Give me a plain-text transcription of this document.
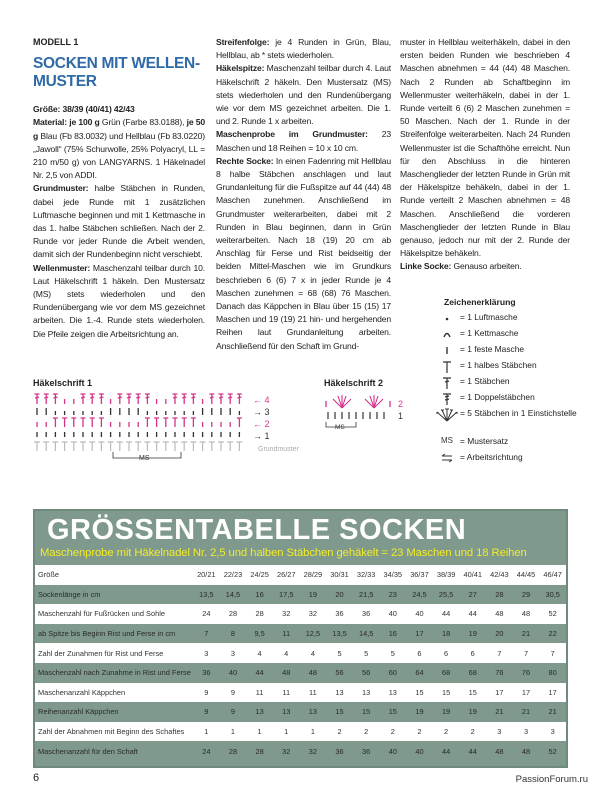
MODELL 1
SOCKEN MIT WELLEN-MUSTER

Größe: 38/39 (40/41) 42/43

Material: je 100 g Grün (Farbe 83.0188), je 50 g Blau (Fb 83.0032) und Hellblau (Fb 83.0220) „Jawoll“ (75% Schurwolle, 25% Polyacryl, LL = 210 m/50 g) von LANGYARNS. 1 Häkelnadel Nr. 2,5 von ADDI.

Grundmuster: halbe Stäbchen in Runden, dabei jede Runde mit 1 zusätzlichen Luftmasche beginnen und mit 1 Kettmasche in das 1. halbe Stäbchen schließen. Nach der 2. Runde vor jeder Runde die Arbeit wenden, damit sich der Rundenbeginn nicht verschiebt.

Wellenmuster: Maschenzahl teilbar durch 10. Laut Häkelschrift 1 häkeln. Den Mustersatz (MS) stets wiederholen und den Rundenübergang wie vor dem MS gezeichnet arbeiten. Die 1.-4. Runde stets wiederholen. Die Pfeile zeigen die Arbeitsrichtung an.

Streifenfolge: je 4 Runden in Grün, Blau, Hellblau, ab * stets wiederholen.

Häkelspitze: Maschenzahl teilbar durch 4. Laut Häkelschrift 2 häkeln. Den Mustersatz (MS) stets wiederholen und den Rundenübergang wie vor dem MS gezeichnet arbeiten. Die 1. und 2. Runde 1 x arbeiten.

Maschenprobe im Grundmuster: 23 Maschen und 18 Reihen = 10 x 10 cm.

Rechte Socke: In einen Fadenring mit Hellblau 8 halbe Stäbchen anschlagen und laut Grundanleitung für die Fußspitze auf 44 (44) 48 Maschen zunehmen. Anschließend im Grundmuster weiterarbeiten, dabei mit 2 Runden in Blau beginnen, dann in Grün weiterarbeiten. Nach 18 (19) 20 cm ab Anschlag für Ferse und Rist beidseitig der beiden Mittel-Maschen wie im Grundkurs beschrieben 6 (6) 7 x in jeder Runde je 4 Maschen zunehmen = 68 (68) 76 Maschen. Danach das Käppchen in Blau über 15 (15) 17 Maschen und 19 (19) 21 hin- und hergehenden Reihen laut Grundanleitung arbeiten. Anschließend für den Schaft im Grund-

muster in Hellblau weiterhäkeln, dabei in den ersten beiden Runden wie beschrieben 4 Maschen abnehmen = 44 (44) 48 Maschen. Nach 2 Runden ab Schaftbeginn im Wellenmuster weiterhäkeln, dabei in der 1. Runde verteilt 6 (6) 2 Maschen zunehmen = 50 Maschen. Nach der 1. Runde in der Streifenfolge weiterarbeiten. Nach 24 Runden Wellenmuster ist die Schafthöhe erreicht. Nun für den Abschluss in die hinteren Maschenglieder der letzten Runde in Grün mit der Häkelspitze behäkeln, dabei in der 1. Runde verteilt 2 Maschen abnehmen = 48 Maschen. Anschließend die vorderen Maschenglieder der letzten Runde in Blau genauso, jedoch nur mit der 2. Runde der Häkelspitze behäkeln.

Linke Socke: Genauso arbeiten.

Zeichenerklärung
= 1 Luftmasche
= 1 Kettmasche
= 1 feste Masche
= 1 halbes Stäbchen
= 1 Stäbchen
= 1 Doppelstäbchen
= 5 Stäbchen in 1 Einstichstelle
MS = Mustersatz
= Arbeitsrichtung
Häkelschrift 1
← 4
→ 3
← 2
→ 1
Grundmuster
MS
Häkelschrift 2
2
1
MS
GRÖSSENTABELLE SOCKEN
Maschenprobe mit Häkelnadel Nr. 2,5 und halben Stäbchen gehäkelt = 23 Maschen und 18 Reihen
Größe	20/21	22/23	24/25	26/27	28/29	30/31	32/33	34/35	36/37	38/39	40/41	42/43	44/45	46/47
Sockenlänge in cm	13,5	14,5	16	17,5	19	20	21,5	23	24,5	25,5	27	28	29	30,5
Maschenzahl für Fußrücken und Sohle	24	28	28	32	32	36	36	40	40	44	44	48	48	52
ab Spitze bis Beginn Rist und Ferse in cm	7	8	9,5	11	12,5	13,5	14,5	16	17	18	19	20	21	22
Zahl der Zunahmen für Rist und Ferse	3	3	4	4	4	5	5	5	6	6	6	7	7	7
Maschenzahl nach Zunahme in Rist und Ferse	36	40	44	48	48	56	56	60	64	68	68	76	76	80
Maschenanzahl Käppchen	9	9	11	11	11	13	13	13	15	15	15	17	17	17
Reihenanzahl Käppchen	9	9	13	13	13	15	15	15	19	19	19	21	21	21
Zahl der Abnahmen mit Beginn des Schaftes	1	1	1	1	1	2	2	2	2	2	2	3	3	3
Maschenanzahl für den Schaft	24	28	28	32	32	36	36	40	40	44	44	48	48	52
6	PassionForum.ru
